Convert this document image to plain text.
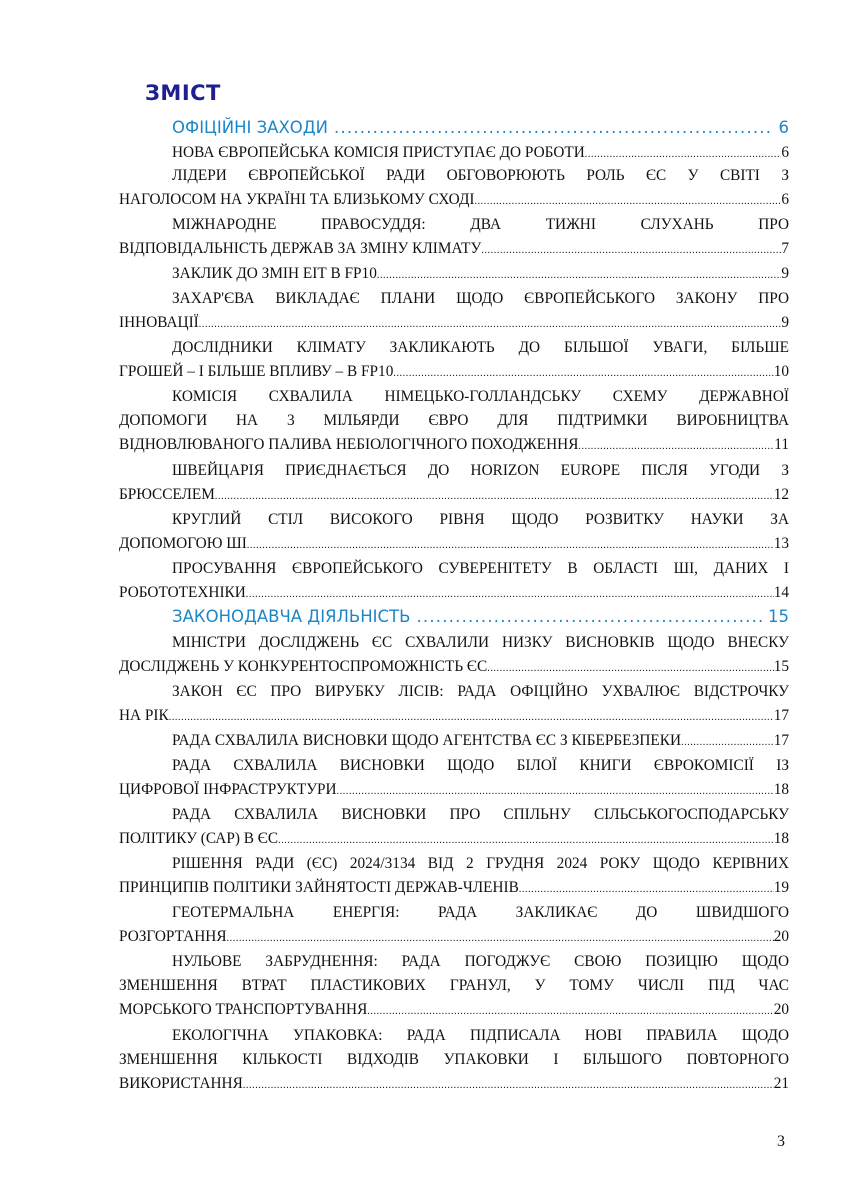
ЗМІСТ
ОФІЦІЙНІ ЗАХОДИ .....	6
НОВА ЄВРОПЕЙСЬКА КОМІСІЯ ПРИСТУПАЄ ДО РОБОТИ .....	6
ЛІДЕРИ ЄВРОПЕЙСЬКОЇ РАДИ ОБГОВОРЮЮТЬ РОЛЬ ЄС У СВІТІ З
НАГОЛОСОМ НА УКРАЇНІ ТА БЛИЗЬКОМУ СХОДІ .....	6
МІЖНАРОДНЕ ПРАВОСУДДЯ: ДВА ТИЖНІ СЛУХАНЬ ПРО
ВІДПОВІДАЛЬНІСТЬ ДЕРЖАВ ЗА ЗМІНУ КЛІМАТУ .....	7
ЗАКЛИК ДО ЗМІН ЕІТ В FP10 .....	9
ЗАХАР'ЄВА ВИКЛАДАЄ ПЛАНИ ЩОДО ЄВРОПЕЙСЬКОГО ЗАКОНУ ПРО
ІННОВАЦІЇ .....	9
ДОСЛІДНИКИ КЛІМАТУ ЗАКЛИКАЮТЬ ДО БІЛЬШОЇ УВАГИ, БІЛЬШЕ
ГРОШЕЙ – І БІЛЬШЕ ВПЛИВУ – В FP10 .....	10
КОМІСІЯ СХВАЛИЛА НІМЕЦЬКО-ГОЛЛАНДСЬКУ СХЕМУ ДЕРЖАВНОЇ
ДОПОМОГИ НА 3 МІЛЬЯРДИ ЄВРО ДЛЯ ПІДТРИМКИ ВИРОБНИЦТВА
ВІДНОВЛЮВАНОГО ПАЛИВА НЕБІОЛОГІЧНОГО ПОХОДЖЕННЯ .....	11
ШВЕЙЦАРІЯ ПРИЄДНАЄТЬСЯ ДО HORIZON EUROPE ПІСЛЯ УГОДИ З
БРЮССЕЛЕМ .....	12
КРУГЛИЙ СТІЛ ВИСОКОГО РІВНЯ ЩОДО РОЗВИТКУ НАУКИ ЗА
ДОПОМОГОЮ ШІ .....	13
ПРОСУВАННЯ ЄВРОПЕЙСЬКОГО СУВЕРЕНІТЕТУ В ОБЛАСТІ ШІ, ДАНИХ І
РОБОТОТЕХНІКИ .....	14
ЗАКОНОДАВЧА ДІЯЛЬНІСТЬ .....	15
МІНІСТРИ ДОСЛІДЖЕНЬ ЄС СХВАЛИЛИ НИЗКУ ВИСНОВКІВ ЩОДО ВНЕСКУ
ДОСЛІДЖЕНЬ У КОНКУРЕНТОСПРОМОЖНІСТЬ ЄС .....	15
ЗАКОН ЄС ПРО ВИРУБКУ ЛІСІВ: РАДА ОФІЦІЙНО УХВАЛЮЄ ВІДСТРОЧКУ
НА РІК .....	17
РАДА СХВАЛИЛА ВИСНОВКИ ЩОДО АГЕНТСТВА ЄС З КІБЕРБЕЗПЕКИ .....	17
РАДА СХВАЛИЛА ВИСНОВКИ ЩОДО БІЛОЇ КНИГИ ЄВРОКОМІСІЇ ІЗ
ЦИФРОВОЇ ІНФРАСТРУКТУРИ .....	18
РАДА СХВАЛИЛА ВИСНОВКИ ПРО СПІЛЬНУ СІЛЬСЬКОГОСПОДАРСЬКУ
ПОЛІТИКУ (САР) В ЄС .....	18
РІШЕННЯ РАДИ (ЄС) 2024/3134 ВІД 2 ГРУДНЯ 2024 РОКУ ЩОДО КЕРІВНИХ
ПРИНЦИПІВ ПОЛІТИКИ ЗАЙНЯТОСТІ ДЕРЖАВ-ЧЛЕНІВ .....	19
ГЕОТЕРМАЛЬНА ЕНЕРГІЯ: РАДА ЗАКЛИКАЄ ДО ШВИДШОГО
РОЗГОРТАННЯ .....	20
НУЛЬОВЕ ЗАБРУДНЕННЯ: РАДА ПОГОДЖУЄ СВОЮ ПОЗИЦІЮ ЩОДО
ЗМЕНШЕННЯ ВТРАТ ПЛАСТИКОВИХ ГРАНУЛ, У ТОМУ ЧИСЛІ ПІД ЧАС
МОРСЬКОГО ТРАНСПОРТУВАННЯ .....	20
ЕКОЛОГІЧНА УПАКОВКА: РАДА ПІДПИСАЛА НОВІ ПРАВИЛА ЩОДО
ЗМЕНШЕННЯ КІЛЬКОСТІ ВІДХОДІВ УПАКОВКИ І БІЛЬШОГО ПОВТОРНОГО
ВИКОРИСТАННЯ .....	21
3
